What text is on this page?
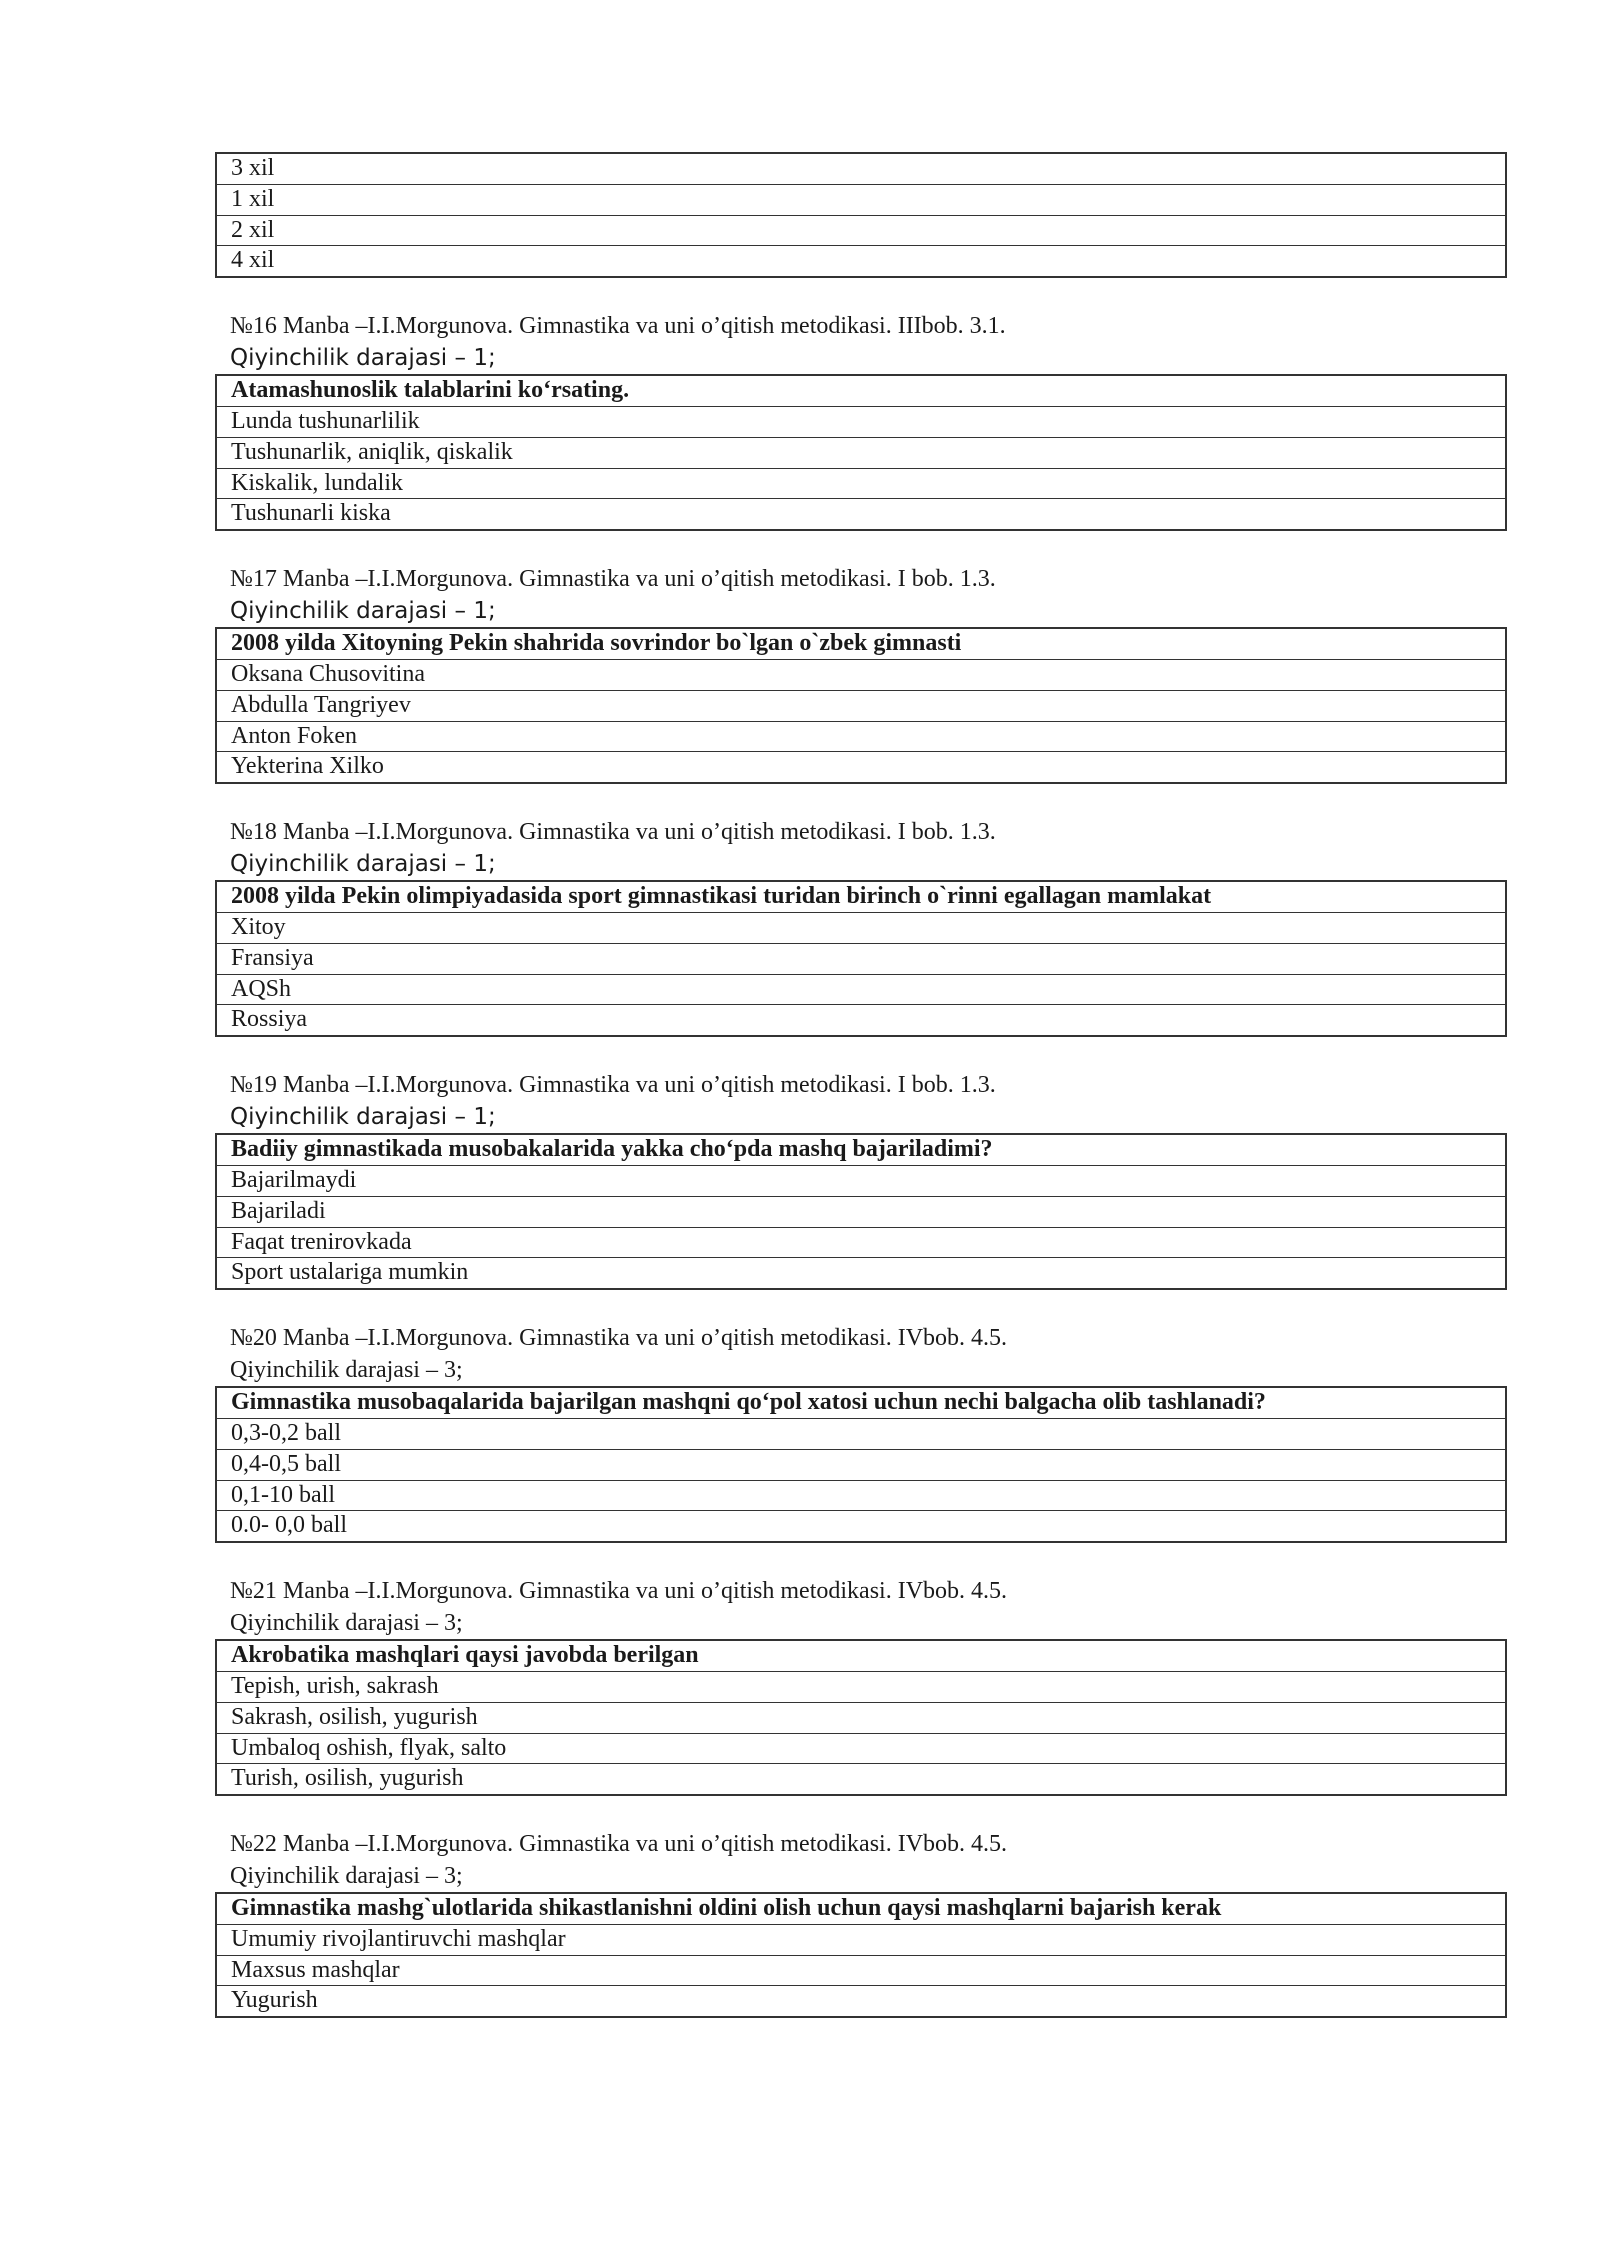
3 xil
1 xil
2 xil
4 xil
№16 Manba –I.I.Morgunova. Gimnastika va uni o’qitish metodikasi. IIIbob. 3.1.
Qiyinchilik darajasi – 1;
Atamashunoslik talablarini ko‘rsating.
Lunda tushunarlilik
Tushunarlik, aniqlik, qiskalik
Kiskalik, lundalik
Tushunarli kiska
№17 Manba –I.I.Morgunova. Gimnastika va uni o’qitish metodikasi. I bob. 1.3.
Qiyinchilik darajasi – 1;
2008 yilda Xitoyning Pekin shahrida sovrindor bo`lgan o`zbek gimnasti
Oksana Chusovitina
Abdulla Tangriyev
Anton Foken
Yekterina Xilko
№18 Manba –I.I.Morgunova. Gimnastika va uni o’qitish metodikasi. I bob. 1.3.
Qiyinchilik darajasi – 1;
2008 yilda Pekin olimpiyadasida sport gimnastikasi turidan birinch o`rinni egallagan mamlakat
Xitoy
Fransiya
AQSh
Rossiya
№19 Manba –I.I.Morgunova. Gimnastika va uni o’qitish metodikasi. I bob. 1.3.
Qiyinchilik darajasi – 1;
Badiiy gimnastikada musobakalarida yakka cho‘pda mashq bajariladimi?
Bajarilmaydi
Bajariladi
Faqat trenirovkada
Sport ustalariga mumkin
№20 Manba –I.I.Morgunova. Gimnastika va uni o’qitish metodikasi. IVbob. 4.5.
Qiyinchilik darajasi – 3;
Gimnastika musobaqalarida bajarilgan mashqni qo‘pol xatosi uchun nechi balgacha olib tashlanadi?
0,3-0,2 ball
0,4-0,5 ball
0,1-10 ball
0.0- 0,0 ball
№21 Manba –I.I.Morgunova. Gimnastika va uni o’qitish metodikasi. IVbob. 4.5.
Qiyinchilik darajasi – 3;
Akrobatika mashqlari qaysi javobda berilgan
Tepish, urish, sakrash
Sakrash, osilish, yugurish
Umbaloq oshish, flyak, salto
Turish, osilish, yugurish
№22 Manba –I.I.Morgunova. Gimnastika va uni o’qitish metodikasi. IVbob. 4.5.
Qiyinchilik darajasi – 3;
Gimnastika mashg`ulotlarida shikastlanishni oldini olish uchun qaysi mashqlarni bajarish kerak
Umumiy rivojlantiruvchi mashqlar
Maxsus mashqlar
Yugurish
